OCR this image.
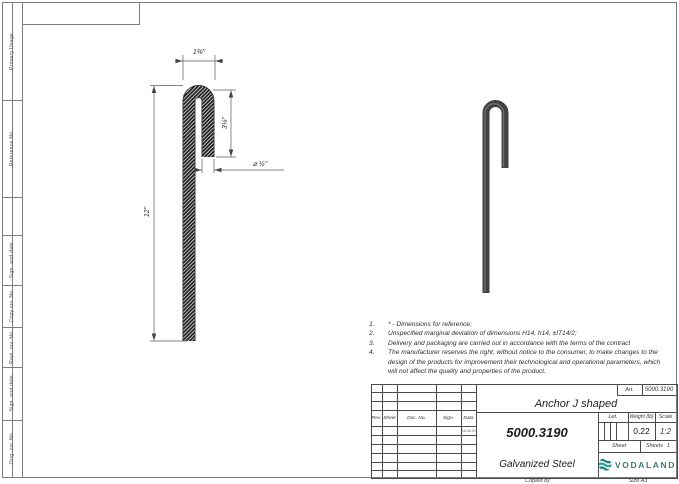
Primary Usage
Reference No.
Sign. and date
Copy inv. No.
Repl. inv. No.
Sign. and date
Orig. inv. No
1⅜"
3¼"
⌀ ½"
12"
1.	* - Dimensions for reference;
2.	Unspecified marginal deviation of dimensions H14, h14, ±IT14/2;
3.	Delivery and packaging are carried out in accordance with the terms of the contract
4.	The manufacturer reserves the right, without notice to the consumer, to make changes to the design of the products for improvement their technological and operational parameters, which will not affect the quality and properties of the product.
Rev. Sheet	Doc. No.	Sign.	Data
14.04.20
Art.	5000.3190
Anchor J shaped
Let.	Weight (lb) Scale
0.22	1:2
Sheet	Sheets 1
5000.3190
Galvanized Steel	VODALAND
Copied by	Size A3
